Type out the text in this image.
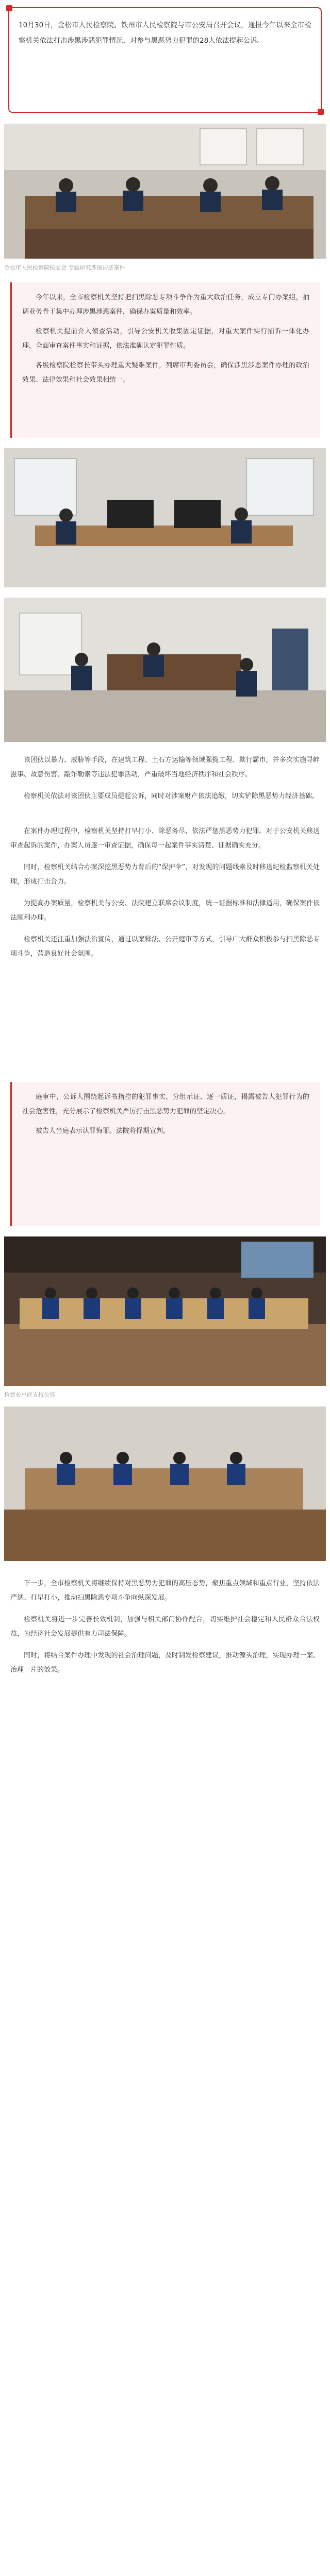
10月30日，金松市人民检察院、铁州市人民检察院与市公安局召开会议，通报今年以来全市检察机关依法打击涉黑涉恶犯罪情况，对参与黑恶势力犯罪的28人依法提起公诉。

金松市人民检察院检委会 专题研究涉黑涉恶案件

今年以来，全市检察机关坚持把扫黑除恶专项斗争作为重大政治任务，成立专门办案组，抽调业务骨干集中办理涉黑涉恶案件，确保办案质量和效率。

检察机关提前介入侦查活动，引导公安机关收集固定证据，对重大案件实行捕诉一体化办理，全面审查案件事实和证据，依法准确认定犯罪性质。

各级检察院检察长带头办理重大疑难案件，列席审判委员会，确保涉黑涉恶案件办理的政治效果、法律效果和社会效果相统一。

该团伙以暴力、威胁等手段，在建筑工程、土石方运输等领域强揽工程、欺行霸市，并多次实施寻衅滋事、故意伤害、敲诈勒索等违法犯罪活动，严重破坏当地经济秩序和社会秩序。

检察机关依法对该团伙主要成员提起公诉，同时对涉案财产依法追缴，切实铲除黑恶势力经济基础。

在案件办理过程中，检察机关坚持打早打小、除恶务尽，依法严惩黑恶势力犯罪。对于公安机关移送审查起诉的案件，办案人员逐一审查证据，确保每一起案件事实清楚、证据确实充分。

同时，检察机关结合办案深挖黑恶势力背后的“保护伞”，对发现的问题线索及时移送纪检监察机关处理，形成打击合力。

为提高办案质量，检察机关与公安、法院建立联席会议制度，统一证据标准和法律适用，确保案件依法顺利办理。

检察机关还注重加强法治宣传，通过以案释法、公开庭审等方式，引导广大群众积极参与扫黑除恶专项斗争，营造良好社会氛围。

庭审中，公诉人围绕起诉书指控的犯罪事实，分组示证、逐一质证，揭露被告人犯罪行为的社会危害性，充分展示了检察机关严厉打击黑恶势力犯罪的坚定决心。

被告人当庭表示认罪悔罪。法院将择期宣判。

检察长出庭支持公诉

下一步，全市检察机关将继续保持对黑恶势力犯罪的高压态势，聚焦重点领域和重点行业，坚持依法严惩、打早打小，推动扫黑除恶专项斗争向纵深发展。

检察机关将进一步完善长效机制，加强与相关部门协作配合，切实维护社会稳定和人民群众合法权益，为经济社会发展提供有力司法保障。

同时，将结合案件办理中发现的社会治理问题，及时制发检察建议，推动源头治理，实现办理一案、治理一片的效果。
